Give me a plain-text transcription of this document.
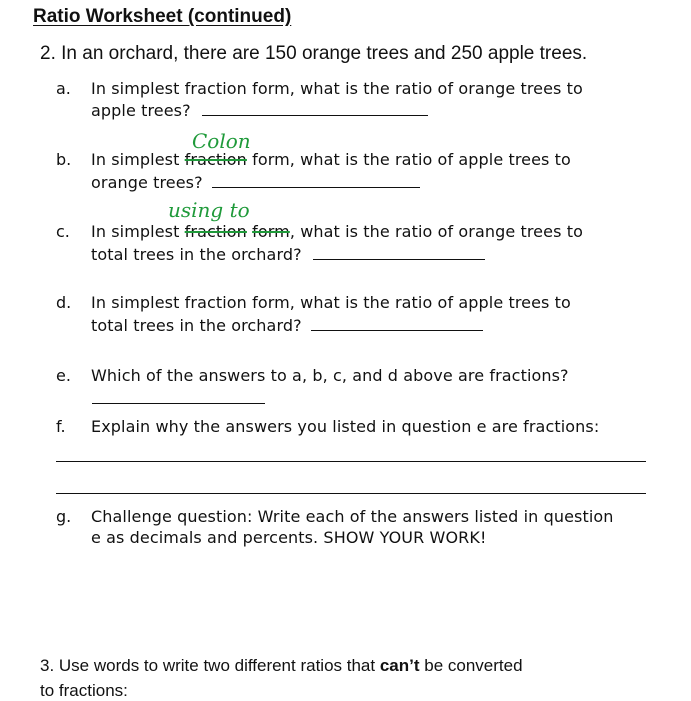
Ratio Worksheet (continued)
2. In an orchard, there are 150 orange trees and 250 apple trees.
a. In simplest fraction form, what is the ratio of orange trees to
apple trees?
Colon
b. In simplest fraction form, what is the ratio of apple trees to
orange trees?
using to
c. In simplest fraction form, what is the ratio of orange trees to
total trees in the orchard?
d. In simplest fraction form, what is the ratio of apple trees to
total trees in the orchard?
e. Which of the answers to a, b, c, and d above are fractions?
f. Explain why the answers you listed in question e are fractions:
g. Challenge question: Write each of the answers listed in question
e as decimals and percents. SHOW YOUR WORK!
3. Use words to write two different ratios that can’t be converted
to fractions:
